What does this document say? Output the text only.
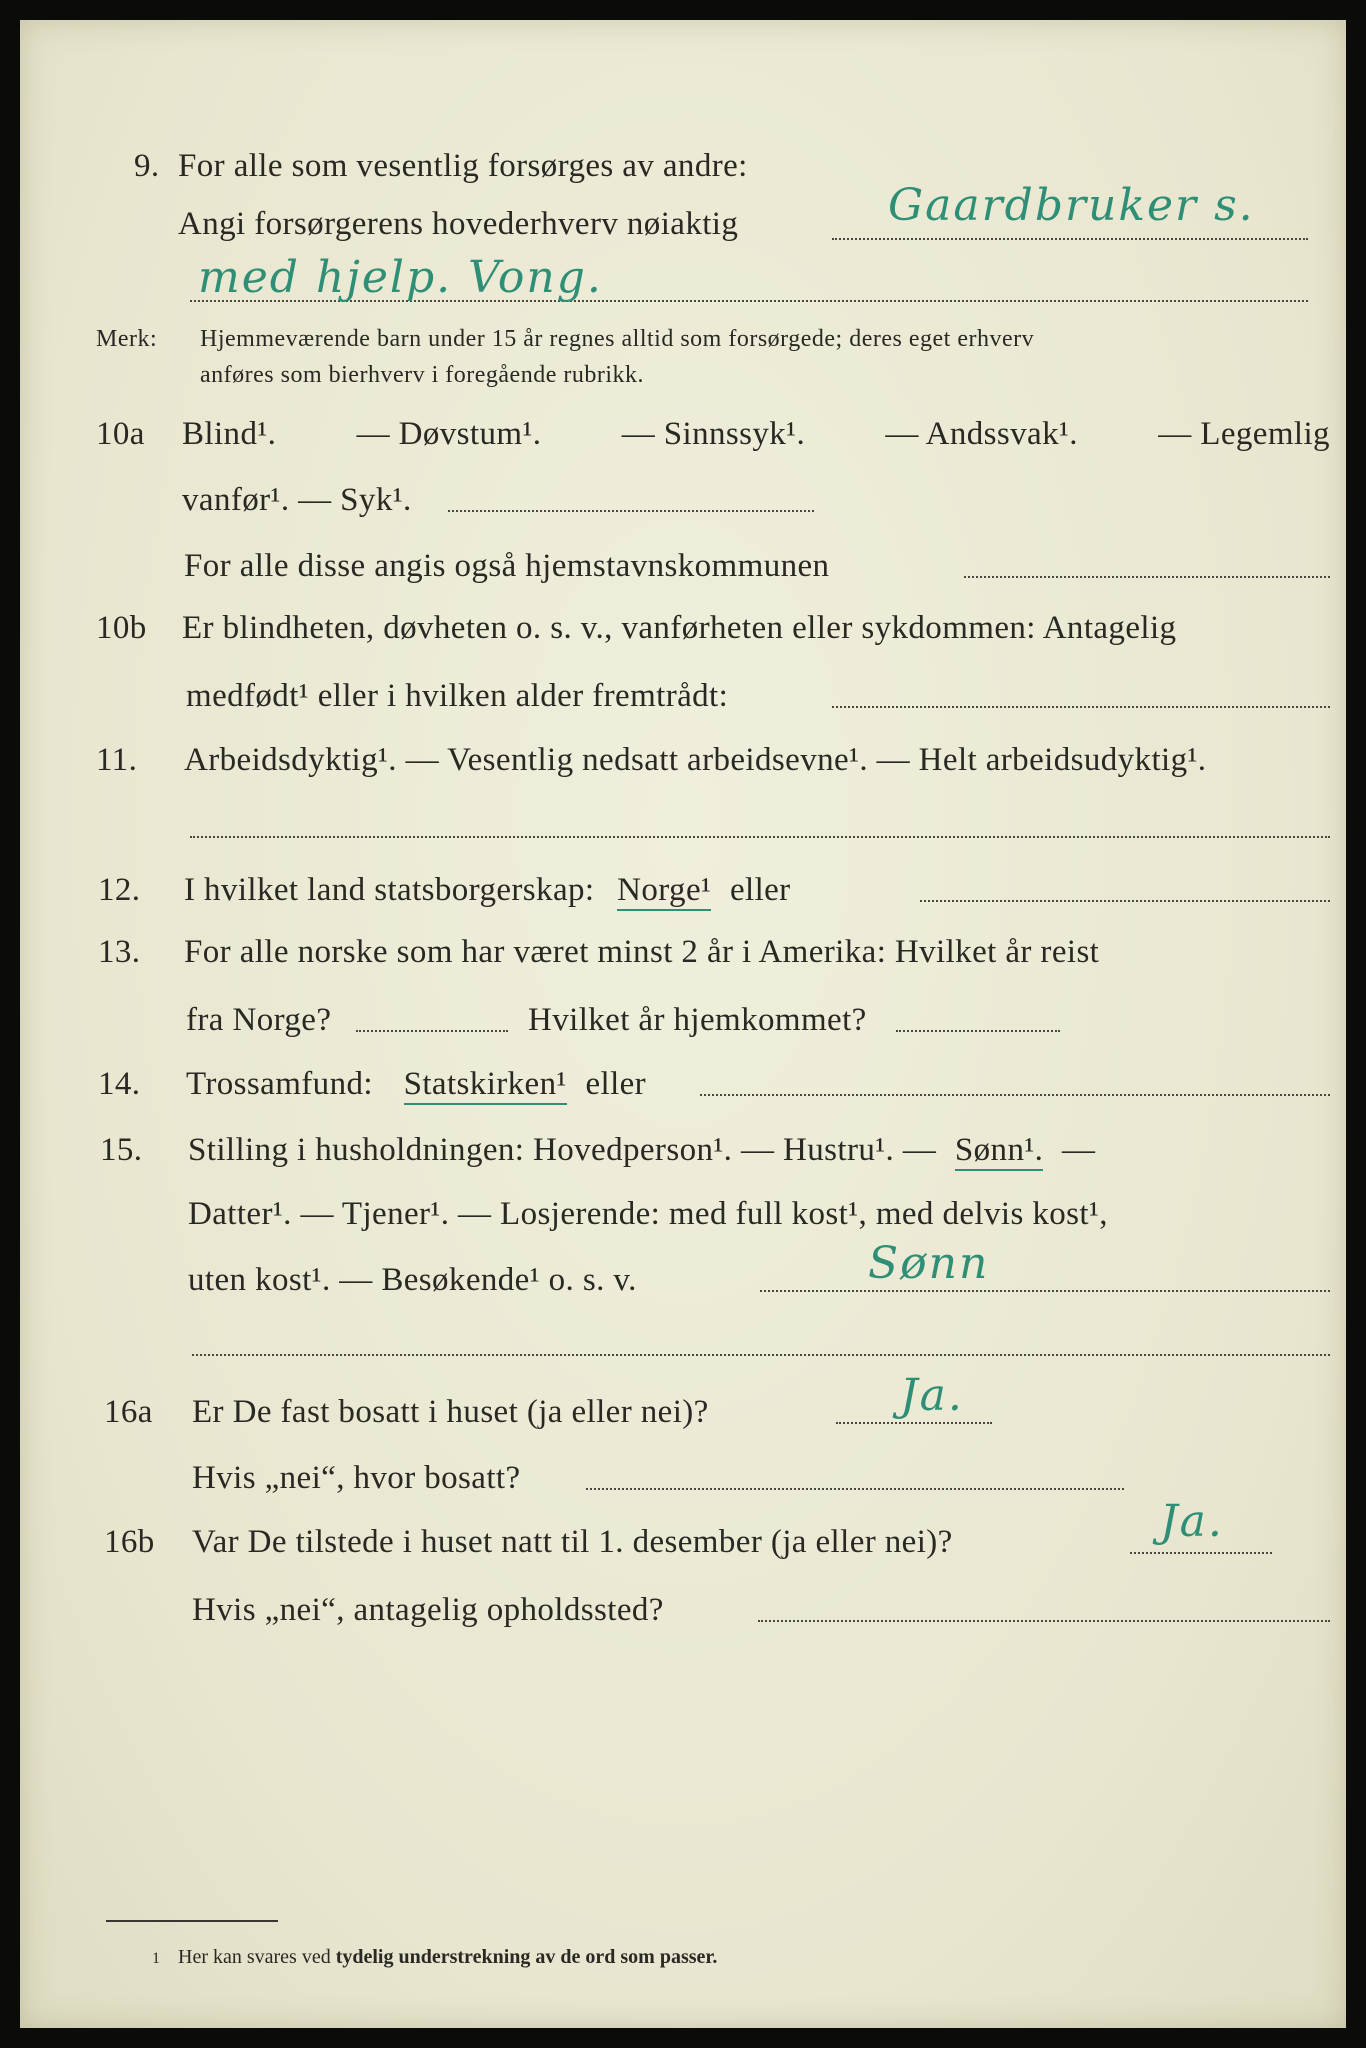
9. For alle som vesentlig forsørges av andre:
Angi forsørgerens hovederhverv nøiaktig	Gaardbruker s.
med hjelp. Vong.
Merk: Hjemmeværende barn under 15 år regnes alltid som forsørgede; deres eget erhverv
anføres som bierhverv i foregående rubrikk.
10a Blind¹. — Døvstum¹. — Sinnssyk¹. — Andssvak¹. — Legemlig
vanfør¹. — Syk¹.
For alle disse angis også hjemstavnskommunen
10b Er blindheten, døvheten o. s. v., vanførheten eller sykdommen: Antagelig
medfødt¹ eller i hvilken alder fremtrådt:
11. Arbeidsdyktig¹. — Vesentlig nedsatt arbeidsevne¹. — Helt arbeidsudyktig¹.
12. I hvilket land statsborgerskap: Norge¹ eller
13. For alle norske som har været minst 2 år i Amerika: Hvilket år reist
fra Norge?	Hvilket år hjemkommet?
14. Trossamfund: Statskirken¹ eller
15. Stilling i husholdningen: Hovedperson¹. — Hustru¹. — Sønn¹. —
Datter¹. — Tjener¹. — Losjerende: med full kost¹, med delvis kost¹,
uten kost¹. — Besøkende¹ o. s. v.	Sønn
16a Er De fast bosatt i huset (ja eller nei)?	Ja.
Hvis „nei“, hvor bosatt?
16b Var De tilstede i huset natt til 1. desember (ja eller nei)?	Ja.
Hvis „nei“, antagelig opholdssted?
1 Her kan svares ved tydelig understrekning av de ord som passer.
